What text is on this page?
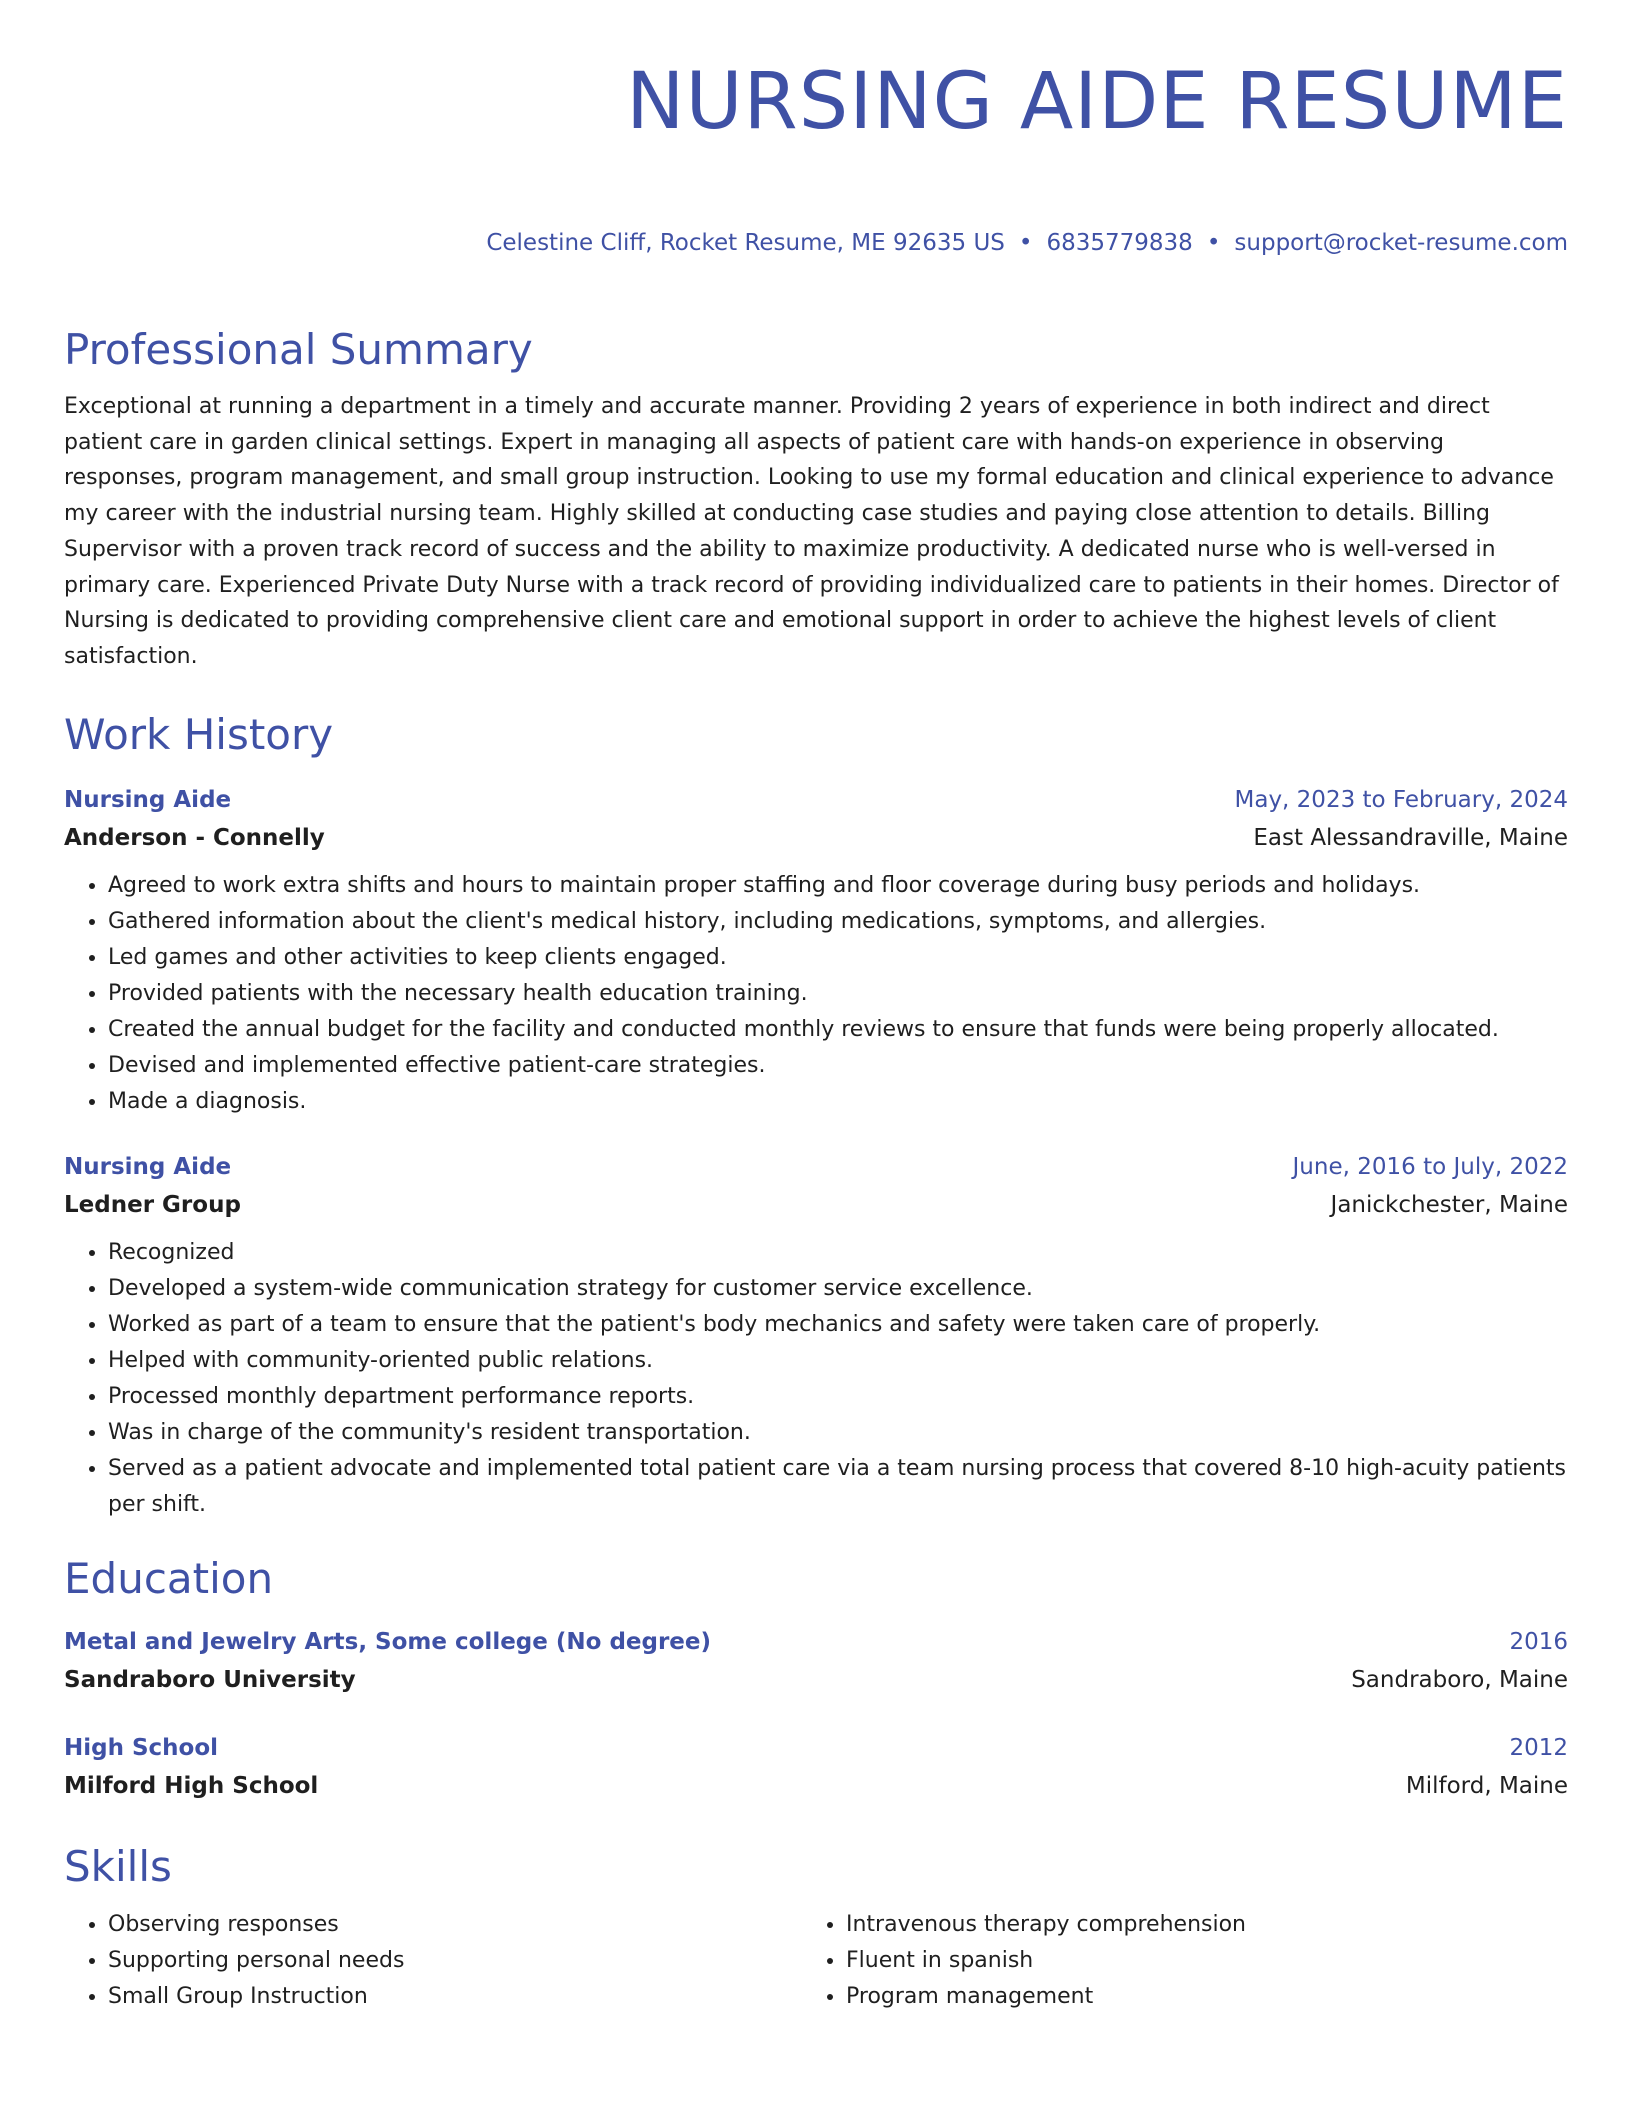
NURSING AIDE RESUME
Celestine Cliff, Rocket Resume, ME 92635 US • 6835779838 • support@rocket-resume.com
Professional Summary
Exceptional at running a department in a timely and accurate manner. Providing 2 years of experience in both indirect and direct patient care in garden clinical settings. Expert in managing all aspects of patient care with hands-on experience in observing responses, program management, and small group instruction. Looking to use my formal education and clinical experience to advance my career with the industrial nursing team. Highly skilled at conducting case studies and paying close attention to details. Billing Supervisor with a proven track record of success and the ability to maximize productivity. A dedicated nurse who is well-versed in primary care. Experienced Private Duty Nurse with a track record of providing individualized care to patients in their homes. Director of Nursing is dedicated to providing comprehensive client care and emotional support in order to achieve the highest levels of client satisfaction.
Work History
Nursing Aide	May, 2023 to February, 2024
Anderson - Connelly	East Alessandraville, Maine
• Agreed to work extra shifts and hours to maintain proper staffing and floor coverage during busy periods and holidays.
• Gathered information about the client's medical history, including medications, symptoms, and allergies.
• Led games and other activities to keep clients engaged.
• Provided patients with the necessary health education training.
• Created the annual budget for the facility and conducted monthly reviews to ensure that funds were being properly allocated.
• Devised and implemented effective patient-care strategies.
• Made a diagnosis.
Nursing Aide	June, 2016 to July, 2022
Ledner Group	Janickchester, Maine
• Recognized
• Developed a system-wide communication strategy for customer service excellence.
• Worked as part of a team to ensure that the patient's body mechanics and safety were taken care of properly.
• Helped with community-oriented public relations.
• Processed monthly department performance reports.
• Was in charge of the community's resident transportation.
• Served as a patient advocate and implemented total patient care via a team nursing process that covered 8-10 high-acuity patients per shift.
Education
Metal and Jewelry Arts, Some college (No degree)	2016
Sandraboro University	Sandraboro, Maine
High School	2012
Milford High School	Milford, Maine
Skills
• Observing responses
• Supporting personal needs
• Small Group Instruction
• Intravenous therapy comprehension
• Fluent in spanish
• Program management
